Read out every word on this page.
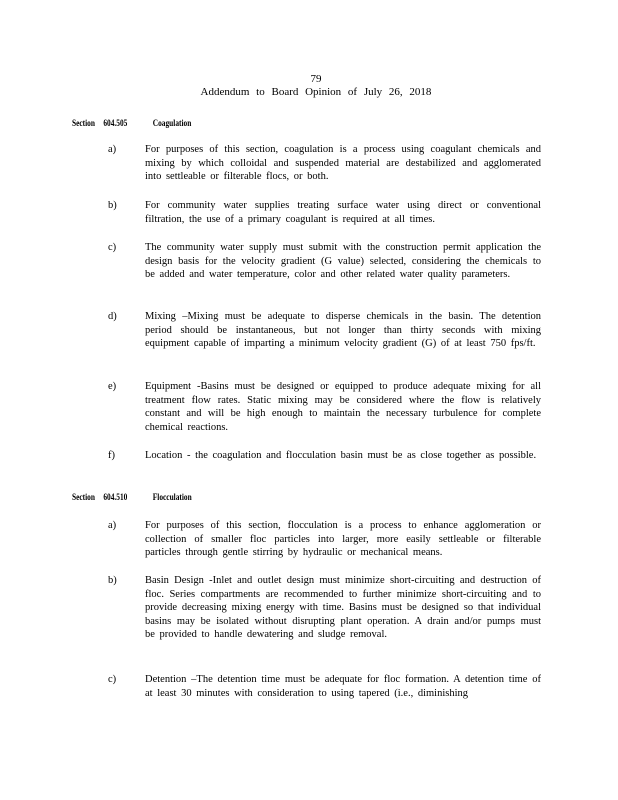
79
Addendum to Board Opinion of July 26, 2018
Section 604.505	Coagulation
a)	For purposes of this section, coagulation is a process using coagulant chemicals and mixing by which colloidal and suspended material are destabilized and agglomerated into settleable or filterable flocs, or both.
b)	For community water supplies treating surface water using direct or conventional filtration, the use of a primary coagulant is required at all times.
c)	The community water supply must submit with the construction permit application the design basis for the velocity gradient (G value) selected, considering the chemicals to be added and water temperature, color and other related water quality parameters.
d)	Mixing –Mixing must be adequate to disperse chemicals in the basin. The detention period should be instantaneous, but not longer than thirty seconds with mixing equipment capable of imparting a minimum velocity gradient (G) of at least 750 fps/ft.
e)	Equipment -Basins must be designed or equipped to produce adequate mixing for all treatment flow rates. Static mixing may be considered where the flow is relatively constant and will be high enough to maintain the necessary turbulence for complete chemical reactions.
f)	Location - the coagulation and flocculation basin must be as close together as possible.
Section 604.510	Flocculation
a)	For purposes of this section, flocculation is a process to enhance agglomeration or collection of smaller floc particles into larger, more easily settleable or filterable particles through gentle stirring by hydraulic or mechanical means.
b)	Basin Design -Inlet and outlet design must minimize short-circuiting and destruction of floc. Series compartments are recommended to further minimize short-circuiting and to provide decreasing mixing energy with time. Basins must be designed so that individual basins may be isolated without disrupting plant operation. A drain and/or pumps must be provided to handle dewatering and sludge removal.
c)	Detention –The detention time must be adequate for floc formation. A detention time of at least 30 minutes with consideration to using tapered (i.e., diminishing
